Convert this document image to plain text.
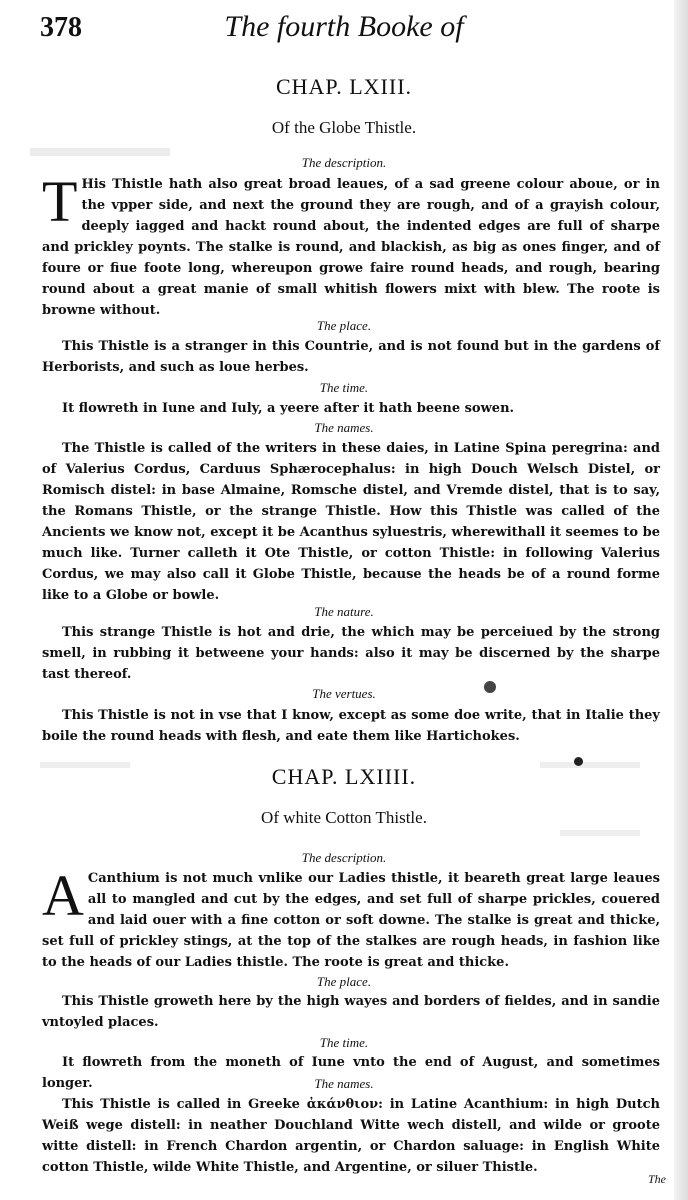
378	The fourth Booke of
CHAP. LXIII.
Of the Globe Thistle.
The description.
T His Thistle hath also great broad leaues, of a sad greene colour aboue, or in the vpper side, and next the ground they are rough, and of a grayish colour, deeply iagged and hackt round about, the indented edges are full of sharpe and prickley poynts. The stalke is round, and blackish, as big as ones finger, and of foure or fiue foote long, whereupon growe faire round heads, and rough, bearing round about a great manie of small whitish flowers mixt with blew. The roote is browne without.
The place.
This Thistle is a stranger in this Countrie, and is not found but in the gardens of Herborists, and such as loue herbes.
The time.
It flowreth in Iune and Iuly, a yeere after it hath beene sowen.
The names.
The Thistle is called of the writers in these daies, in Latine Spina peregrina: and of Valerius Cordus, Carduus Sphærocephalus: in high Douch Welsch Distel, or Romisch distel: in base Almaine, Romsche distel, and Vremde distel, that is to say, the Romans Thistle, or the strange Thistle. How this Thistle was called of the Ancients we know not, except it be Acanthus syluestris, wherewithall it seemes to be much like. Turner calleth it Ote Thistle, or cotton Thistle: in following Valerius Cordus, we may also call it Globe Thistle, because the heads be of a round forme like to a Globe or bowle.
The nature.
This strange Thistle is hot and drie, the which may be perceiued by the strong smell, in rubbing it betweene your hands: also it may be discerned by the sharpe tast thereof.
The vertues.
This Thistle is not in vse that I know, except as some doe write, that in Italie they boile the round heads with flesh, and eate them like Hartichokes.
CHAP. LXIIII.
Of white Cotton Thistle.
The description.
A Canthium is not much vnlike our Ladies thistle, it beareth great large leaues all to mangled and cut by the edges, and set full of sharpe prickles, couered and laid ouer with a fine cotton or soft downe. The stalke is great and thicke, set full of prickley stings, at the top of the stalkes are rough heads, in fashion like to the heads of our Ladies thistle. The roote is great and thicke.
The place.
This Thistle groweth here by the high wayes and borders of fieldes, and in sandie vntoyled places.
The time.
It flowreth from the moneth of Iune vnto the end of August, and sometimes longer.	The names.
This Thistle is called in Greeke ἀκάνθιον: in Latine Acanthium: in high Dutch Weiß wege distell: in neather Douchland Witte wech distell, and wilde or groote witte distell: in French Chardon argentin, or Chardon saluage: in English White cotton Thistle, wilde White Thistle, and Argentine, or siluer Thistle.
The
